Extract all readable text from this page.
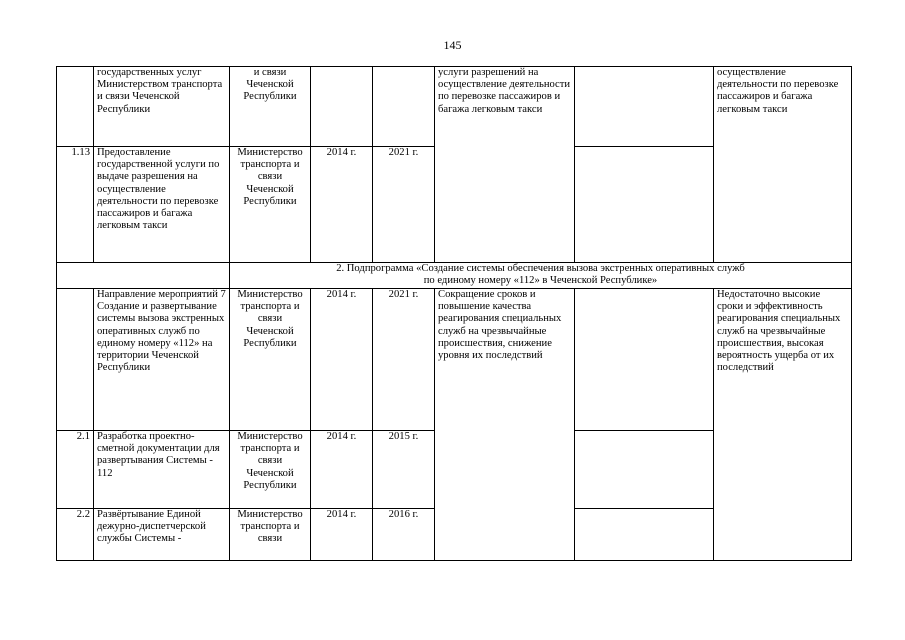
145
	государственных услуг Министерством транспорта и связи Чеченской Республики	и связи Чеченской Республики			услуги разрешений на осуществление деятельности по перевозке пассажиров и багажа легковым такси		осуществление деятельности по перевозке пассажиров и багажа легковым такси
1.13	Предоставление государственной услуги по выдаче разрешения на осуществление деятельности по перевозке пассажиров и багажа легковым такси	Министерство транспорта и связи Чеченской Республики	2014 г.	2021 г.			

		2. Подпрограмма «Создание системы обеспечения вызова экстренных оперативных служб
по единому номеру «112» в Чеченской Республике»					

	Направление мероприятий 7 Создание и развертывание системы вызова экстренных оперативных служб по единому номеру «112» на территории Чеченской Республики	Министерство транспорта и связи Чеченской Республики	2014 г.	2021 г.	Сокращение сроков и повышение качества реагирования специальных служб на чрезвычайные происшествия, снижение уровня их последствий		Недостаточно высокие сроки и эффективность реагирования специальных служб на чрезвычайные происшествия, высокая вероятность ущерба от их последствий
2.1	Разработка проектно-сметной документации для развертывания Системы - 112	Министерство транспорта и связи Чеченской Республики	2014 г.	2015 г.			
2.2	Развёртывание Единой дежурно-диспетчерской службы Системы -	Министерство транспорта и связи	2014 г.	2016 г.			
